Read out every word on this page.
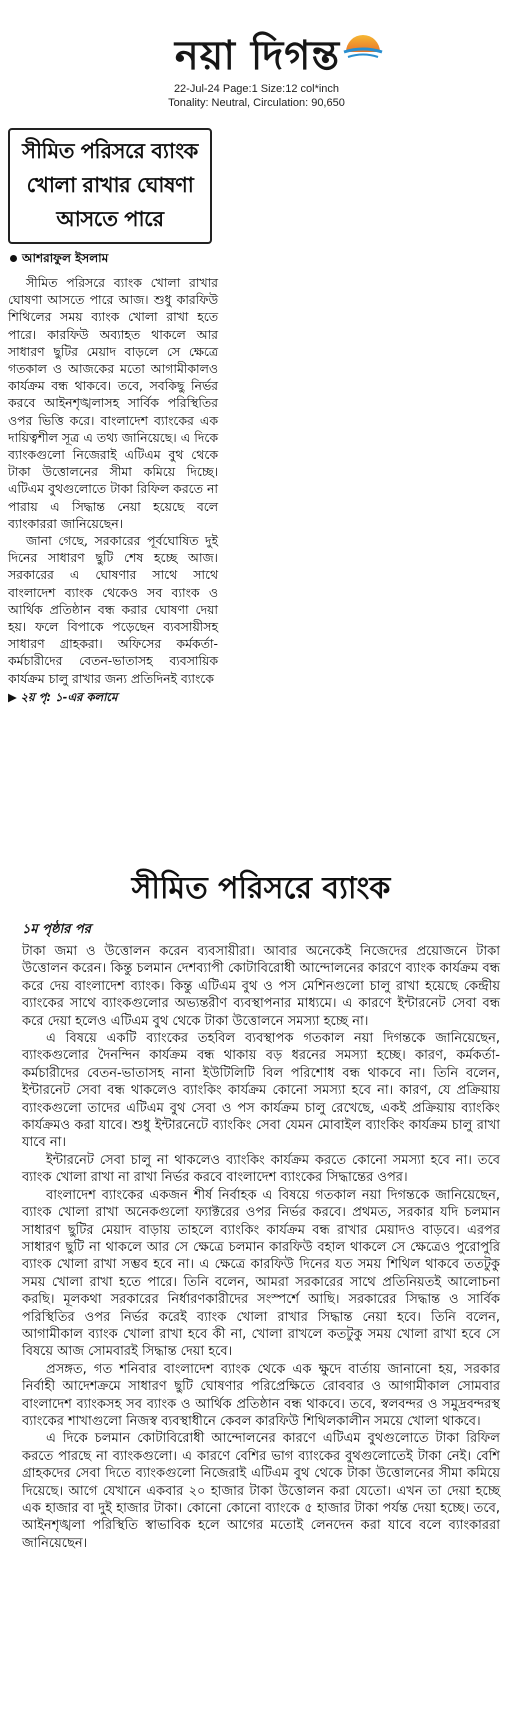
নয়া দিগন্ত
22-Jul-24 Page:1 Size:12 col*inch
Tonality: Neutral, Circulation: 90,650
সীমিত পরিসরে ব্যাংক
খোলা রাখার ঘোষণা
আসতে পারে
আশরাফুল ইসলাম

সীমিত পরিসরে ব্যাংক খোলা রাখার ঘোষণা আসতে পারে আজ। শুধু কারফিউ শিথিলের সময় ব্যাংক খোলা রাখা হতে পারে। কারফিউ অব্যাহত থাকলে আর সাধারণ ছুটির মেয়াদ বাড়লে সে ক্ষেত্রে গতকাল ও আজকের মতো আগামীকালও কার্যক্রম বন্ধ থাকবে। তবে, সবকিছু নির্ভর করবে আইনশৃঙ্খলাসহ সার্বিক পরিস্থিতির ওপর ভিত্তি করে। বাংলাদেশ ব্যাংকের এক দায়িত্বশীল সূত্র এ তথ্য জানিয়েছে। এ দিকে ব্যাংকগুলো নিজেরাই এটিএম বুথ থেকে টাকা উত্তোলনের সীমা কমিয়ে দিচ্ছে। এটিএম বুথগুলোতে টাকা রিফিল করতে না পারায় এ সিদ্ধান্ত নেয়া হয়েছে বলে ব্যাংকাররা জানিয়েছেন।

জানা গেছে, সরকারের পূর্বঘোষিত দুই দিনের সাধারণ ছুটি শেষ হচ্ছে আজ। সরকারের এ ঘোষণার সাথে সাথে বাংলাদেশ ব্যাংক থেকেও সব ব্যাংক ও আর্থিক প্রতিষ্ঠান বন্ধ করার ঘোষণা দেয়া হয়। ফলে বিপাকে পড়েছেন ব্যবসায়ীসহ সাধারণ গ্রাহকরা। অফিসের কর্মকর্তা-কর্মচারীদের বেতন-ভাতাসহ ব্যবসায়িক কার্যক্রম চালু রাখার জন্য প্রতিদিনই ব্যাংকে

▶ ২য় পৃ: ১-এর কলামে
সীমিত পরিসরে ব্যাংক
১ম পৃষ্ঠার পর

টাকা জমা ও উত্তোলন করেন ব্যবসায়ীরা। আবার অনেকেই নিজেদের প্রয়োজনে টাকা উত্তোলন করেন। কিন্তু চলমান দেশব্যাপী কোটাবিরোধী আন্দোলনের কারণে ব্যাংক কার্যক্রম বন্ধ করে দেয় বাংলাদেশ ব্যাংক। কিন্তু এটিএম বুথ ও পস মেশিনগুলো চালু রাখা হয়েছে কেন্দ্রীয় ব্যাংকের সাথে ব্যাংকগুলোর অভ্যন্তরীণ ব্যবস্থাপনার মাধ্যমে। এ কারণে ইন্টারনেট সেবা বন্ধ করে দেয়া হলেও এটিএম বুথ থেকে টাকা উত্তোলনে সমস্যা হচ্ছে না।

এ বিষয়ে একটি ব্যাংকের তহবিল ব্যবস্থাপক গতকাল নয়া দিগন্তকে জানিয়েছেন, ব্যাংকগুলোর দৈনন্দিন কার্যক্রম বন্ধ থাকায় বড় ধরনের সমস্যা হচ্ছে। কারণ, কর্মকর্তা-কর্মচারীদের বেতন-ভাতাসহ নানা ইউটিলিটি বিল পরিশোধ বন্ধ থাকবে না। তিনি বলেন, ইন্টারনেট সেবা বন্ধ থাকলেও ব্যাংকিং কার্যক্রম কোনো সমস্যা হবে না। কারণ, যে প্রক্রিয়ায় ব্যাংকগুলো তাদের এটিএম বুথ সেবা ও পস কার্যক্রম চালু রেখেছে, একই প্রক্রিয়ায় ব্যাংকিং কার্যক্রমও করা যাবে। শুধু ইন্টারনেটে ব্যাংকিং সেবা যেমন মোবাইল ব্যাংকিং কার্যক্রম চালু রাখা যাবে না।

ইন্টারনেট সেবা চালু না থাকলেও ব্যাংকিং কার্যক্রম করতে কোনো সমস্যা হবে না। তবে ব্যাংক খোলা রাখা না রাখা নির্ভর করবে বাংলাদেশ ব্যাংকের সিদ্ধান্তের ওপর।

বাংলাদেশ ব্যাংকের একজন শীর্ষ নির্বাহক এ বিষয়ে গতকাল নয়া দিগন্তকে জানিয়েছেন, ব্যাংক খোলা রাখা অনেকগুলো ফ্যাক্টরের ওপর নির্ভর করবে। প্রথমত, সরকার যদি চলমান সাধারণ ছুটির মেয়াদ বাড়ায় তাহলে ব্যাংকিং কার্যক্রম বন্ধ রাখার মেয়াদও বাড়বে। এরপর সাধারণ ছুটি না থাকলে আর সে ক্ষেত্রে চলমান কারফিউ বহাল থাকলে সে ক্ষেত্রেও পুরোপুরি ব্যাংক খোলা রাখা সম্ভব হবে না। এ ক্ষেত্রে কারফিউ দিনের যত সময় শিথিল থাকবে ততটুকু সময় খোলা রাখা হতে পারে। তিনি বলেন, আমরা সরকারের সাথে প্রতিনিয়তই আলোচনা করছি। মূলকথা সরকারের নির্ধারণকারীদের সংস্পর্শে আছি। সরকারের সিদ্ধান্ত ও সার্বিক পরিস্থিতির ওপর নির্ভর করেই ব্যাংক খোলা রাখার সিদ্ধান্ত নেয়া হবে। তিনি বলেন, আগামীকাল ব্যাংক খোলা রাখা হবে কী না, খোলা রাখলে কতটুকু সময় খোলা রাখা হবে সে বিষয়ে আজ সোমবারই সিদ্ধান্ত দেয়া হবে।

প্রসঙ্গত, গত শনিবার বাংলাদেশ ব্যাংক থেকে এক ক্ষুদে বার্তায় জানানো হয়, সরকার নির্বাহী আদেশক্রমে সাধারণ ছুটি ঘোষণার পরিপ্রেক্ষিতে রোববার ও আগামীকাল সোমবার বাংলাদেশ ব্যাংকসহ সব ব্যাংক ও আর্থিক প্রতিষ্ঠান বন্ধ থাকবে। তবে, স্বলবন্দর ও সমুদ্রবন্দরস্থ ব্যাংকের শাখাগুলো নিজস্ব ব্যবস্থাধীনে কেবল কারফিউ শিথিলকালীন সময়ে খোলা থাকবে।

এ দিকে চলমান কোটাবিরোধী আন্দোলনের কারণে এটিএম বুথগুলোতে টাকা রিফিল করতে পারছে না ব্যাংকগুলো। এ কারণে বেশির ভাগ ব্যাংকের বুথগুলোতেই টাকা নেই। বেশি গ্রাহকদের সেবা দিতে ব্যাংকগুলো নিজেরাই এটিএম বুথ থেকে টাকা উত্তোলনের সীমা কমিয়ে দিয়েছে। আগে যেখানে একবার ২০ হাজার টাকা উত্তোলন করা যেতো। এখন তা দেয়া হচ্ছে এক হাজার বা দুই হাজার টাকা। কোনো কোনো ব্যাংকে ৫ হাজার টাকা পর্যন্ত দেয়া হচ্ছে। তবে, আইনশৃঙ্খলা পরিস্থিতি স্বাভাবিক হলে আগের মতোই লেনদেন করা যাবে বলে ব্যাংকাররা জানিয়েছেন।
